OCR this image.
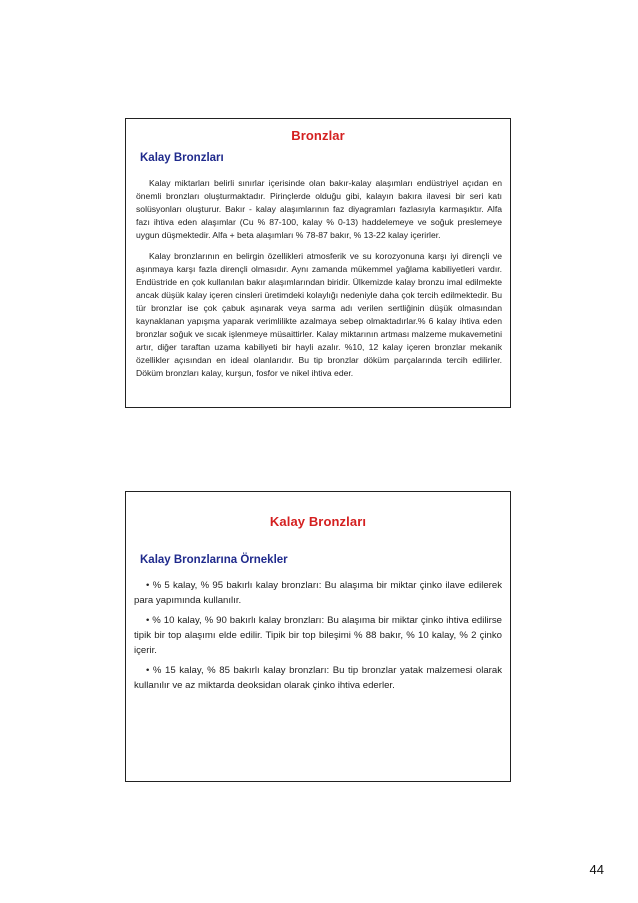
Bronzlar
Kalay Bronzları

Kalay miktarları belirli sınırlar içerisinde olan bakır-kalay alaşımları endüstriyel açıdan en önemli bronzları oluşturmaktadır. Pirinçlerde olduğu gibi, kalayın bakıra ilavesi bir seri katı solüsyonları oluşturur. Bakır - kalay alaşımlarının faz diyagramları fazlasıyla karmaşıktır. Alfa fazı ihtiva eden alaşımlar (Cu % 87-100, kalay % 0-13) haddelemeye ve soğuk preslemeye uygun düşmektedir. Alfa + beta alaşımları % 78-87 bakır, % 13-22 kalay içerirler.

Kalay bronzlarının en belirgin özellikleri atmosferik ve su korozyonuna karşı iyi dirençli ve aşınmaya karşı fazla dirençli olmasıdır. Aynı zamanda mükemmel yağlama kabiliyetleri vardır. Endüstride en çok kullanılan bakır alaşımlarından biridir. Ülkemizde kalay bronzu imal edilmekte ancak düşük kalay içeren cinsleri üretimdeki kolaylığı nedeniyle daha çok tercih edilmektedir. Bu tür bronzlar ise çok çabuk aşınarak veya sarma adı verilen sertliğinin düşük olmasından kaynaklanan yapışma yaparak verimlilikte azalmaya sebep olmaktadırlar.% 6 kalay ihtiva eden bronzlar soğuk ve sıcak işlenmeye müsaittirler. Kalay miktarının artması malzeme mukavemetini artır, diğer taraftan uzama kabiliyeti bir hayli azalır. %10, 12 kalay içeren bronzlar mekanik özellikler açısından en ideal olanlarıdır. Bu tip bronzlar döküm parçalarında tercih edilirler. Döküm bronzları kalay, kurşun, fosfor ve nikel ihtiva eder.

Kalay Bronzları
Kalay Bronzlarına Örnekler

• % 5 kalay, % 95 bakırlı kalay bronzları: Bu alaşıma bir miktar çinko ilave edilerek para yapımında kullanılır.

• % 10 kalay, % 90 bakırlı kalay bronzları: Bu alaşıma bir miktar çinko ihtiva edilirse tipik bir top alaşımı elde edilir. Tipik bir top bileşimi % 88 bakır, % 10 kalay, % 2 çinko içerir.

• % 15 kalay, % 85 bakırlı kalay bronzları: Bu tip bronzlar yatak malzemesi olarak kullanılır ve az miktarda deoksidan olarak çinko ihtiva ederler.

44
